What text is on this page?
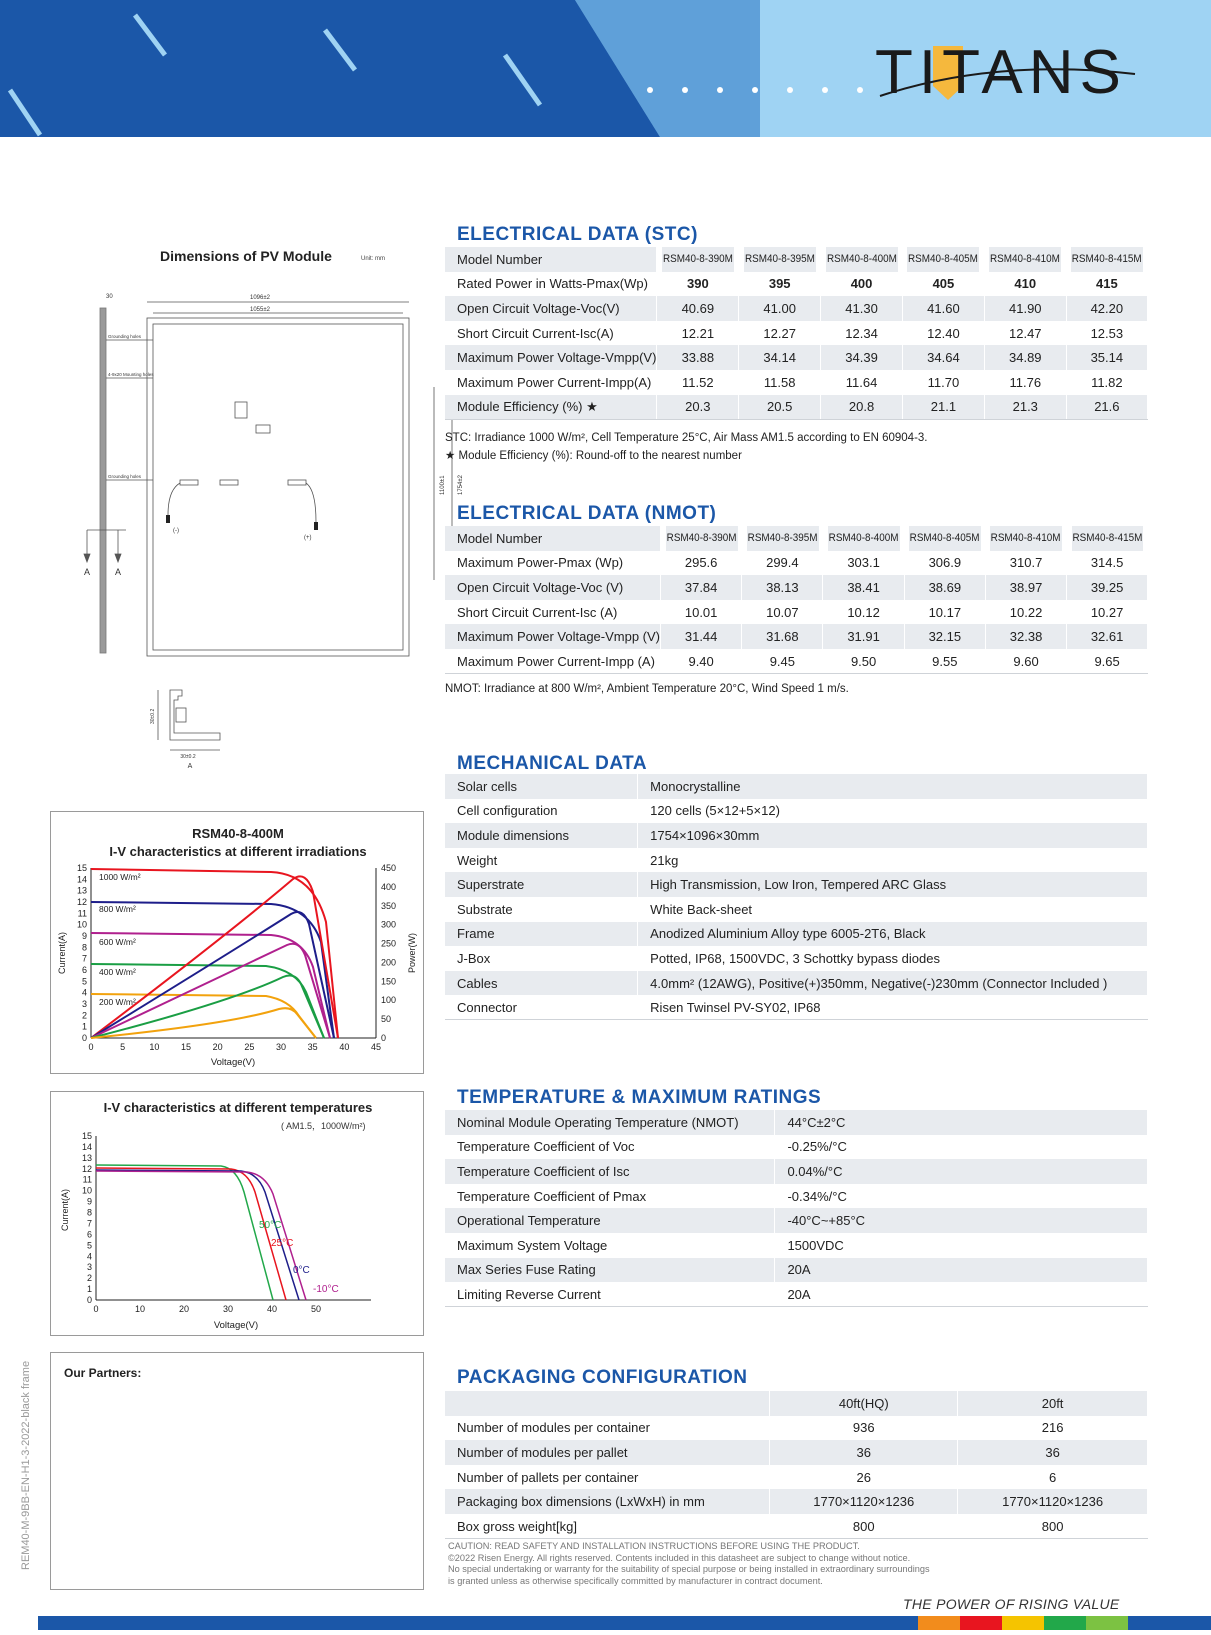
TITANS
Dimensions of PV Module	Unit: mm
30	1096±2
1055±2
Grounding holes
4-9x20 Mounting holes
Grounding holes	1100±1 1754±2
(-)
(+)
A	A
30±0.2
30±0.2
A
RSM40-8-400M
I-V characteristics at different irradiations
0
1
2
3
4
5
6
7
8
9
10
11
12
13
14
15
0
50
100
150
200
250
300
350
400
450
0	5	10 15 20 25 30 35 40 45
1000 W/m²
800 W/m²
600 W/m²
400 W/m²
200 W/m²
Current(A)	Power(W)
Voltage(V)
I-V characteristics at different temperatures
( AM1.5，1000W/m²)
0
1
2
3
4
5
6
7
8
9
10
11
12
13
14
15
0	10	20	30	40	50
50°C
25°C
0°C
-10°C
Current(A)
Voltage(V)
Our Partners:
ELECTRICAL DATA (STC)
Model Number	RSM40-8-390M	RSM40-8-395M	RSM40-8-400M	RSM40-8-405M	RSM40-8-410M	RSM40-8-415M
Rated Power in Watts-Pmax(Wp)	390	395	400	405	410	415
Open Circuit Voltage-Voc(V)	40.69	41.00	41.30	41.60	41.90	42.20
Short Circuit Current-Isc(A)	12.21	12.27	12.34	12.40	12.47	12.53
Maximum Power Voltage-Vmpp(V)	33.88	34.14	34.39	34.64	34.89	35.14
Maximum Power Current-Impp(A)	11.52	11.58	11.64	11.70	11.76	11.82
Module Efficiency (%) ★	20.3	20.5	20.8	21.1	21.3	21.6
STC: Irradiance 1000 W/m², Cell Temperature 25°C, Air Mass AM1.5 according to EN 60904-3.
★ Module Efficiency (%): Round-off to the nearest number
ELECTRICAL DATA (NMOT)
Model Number	RSM40-8-390M	RSM40-8-395M	RSM40-8-400M	RSM40-8-405M	RSM40-8-410M	RSM40-8-415M
Maximum Power-Pmax (Wp)	295.6	299.4	303.1	306.9	310.7	314.5
Open Circuit Voltage-Voc (V)	37.84	38.13	38.41	38.69	38.97	39.25
Short Circuit Current-Isc (A)	10.01	10.07	10.12	10.17	10.22	10.27
Maximum Power Voltage-Vmpp (V)	31.44	31.68	31.91	32.15	32.38	32.61
Maximum Power Current-Impp (A)	9.40	9.45	9.50	9.55	9.60	9.65
NMOT: Irradiance at 800 W/m², Ambient Temperature 20°C, Wind Speed 1 m/s.
MECHANICAL DATA
Solar cells	Monocrystalline
Cell configuration	120 cells (5×12+5×12)
Module dimensions	1754×1096×30mm
Weight	21kg
Superstrate	High Transmission, Low Iron, Tempered ARC Glass
Substrate	White Back-sheet
Frame	Anodized Aluminium Alloy type 6005-2T6, Black
J-Box	Potted, IP68, 1500VDC, 3 Schottky bypass diodes
Cables	4.0mm² (12AWG), Positive(+)350mm, Negative(-)230mm (Connector Included )
Connector	Risen Twinsel PV-SY02, IP68
TEMPERATURE & MAXIMUM RATINGS
Nominal Module Operating Temperature (NMOT)	44°C±2°C
Temperature Coefficient of Voc	-0.25%/°C
Temperature Coefficient of Isc	0.04%/°C
Temperature Coefficient of Pmax	-0.34%/°C
Operational Temperature	-40°C~+85°C
Maximum System Voltage	1500VDC
Max Series Fuse Rating	20A
Limiting Reverse Current	20A
PACKAGING CONFIGURATION
	40ft(HQ)	20ft
Number of modules per container	936	216
Number of modules per pallet	36	36
Number of pallets per container	26	6
Packaging box dimensions (LxWxH) in mm	1770×1120×1236	1770×1120×1236
Box gross weight[kg]	800	800
CAUTION: READ SAFETY AND INSTALLATION INSTRUCTIONS BEFORE USING THE PRODUCT.
©2022 Risen Energy. All rights reserved. Contents included in this datasheet are subject to change without notice.
No special undertaking or warranty for the suitability of special purpose or being installed in extraordinary surroundings
is granted unless as otherwise specifically committed by manufacturer in contract document.
THE POWER OF RISING VALUE
REM40-M-9BB-EN-H1-3-2022-black frame
